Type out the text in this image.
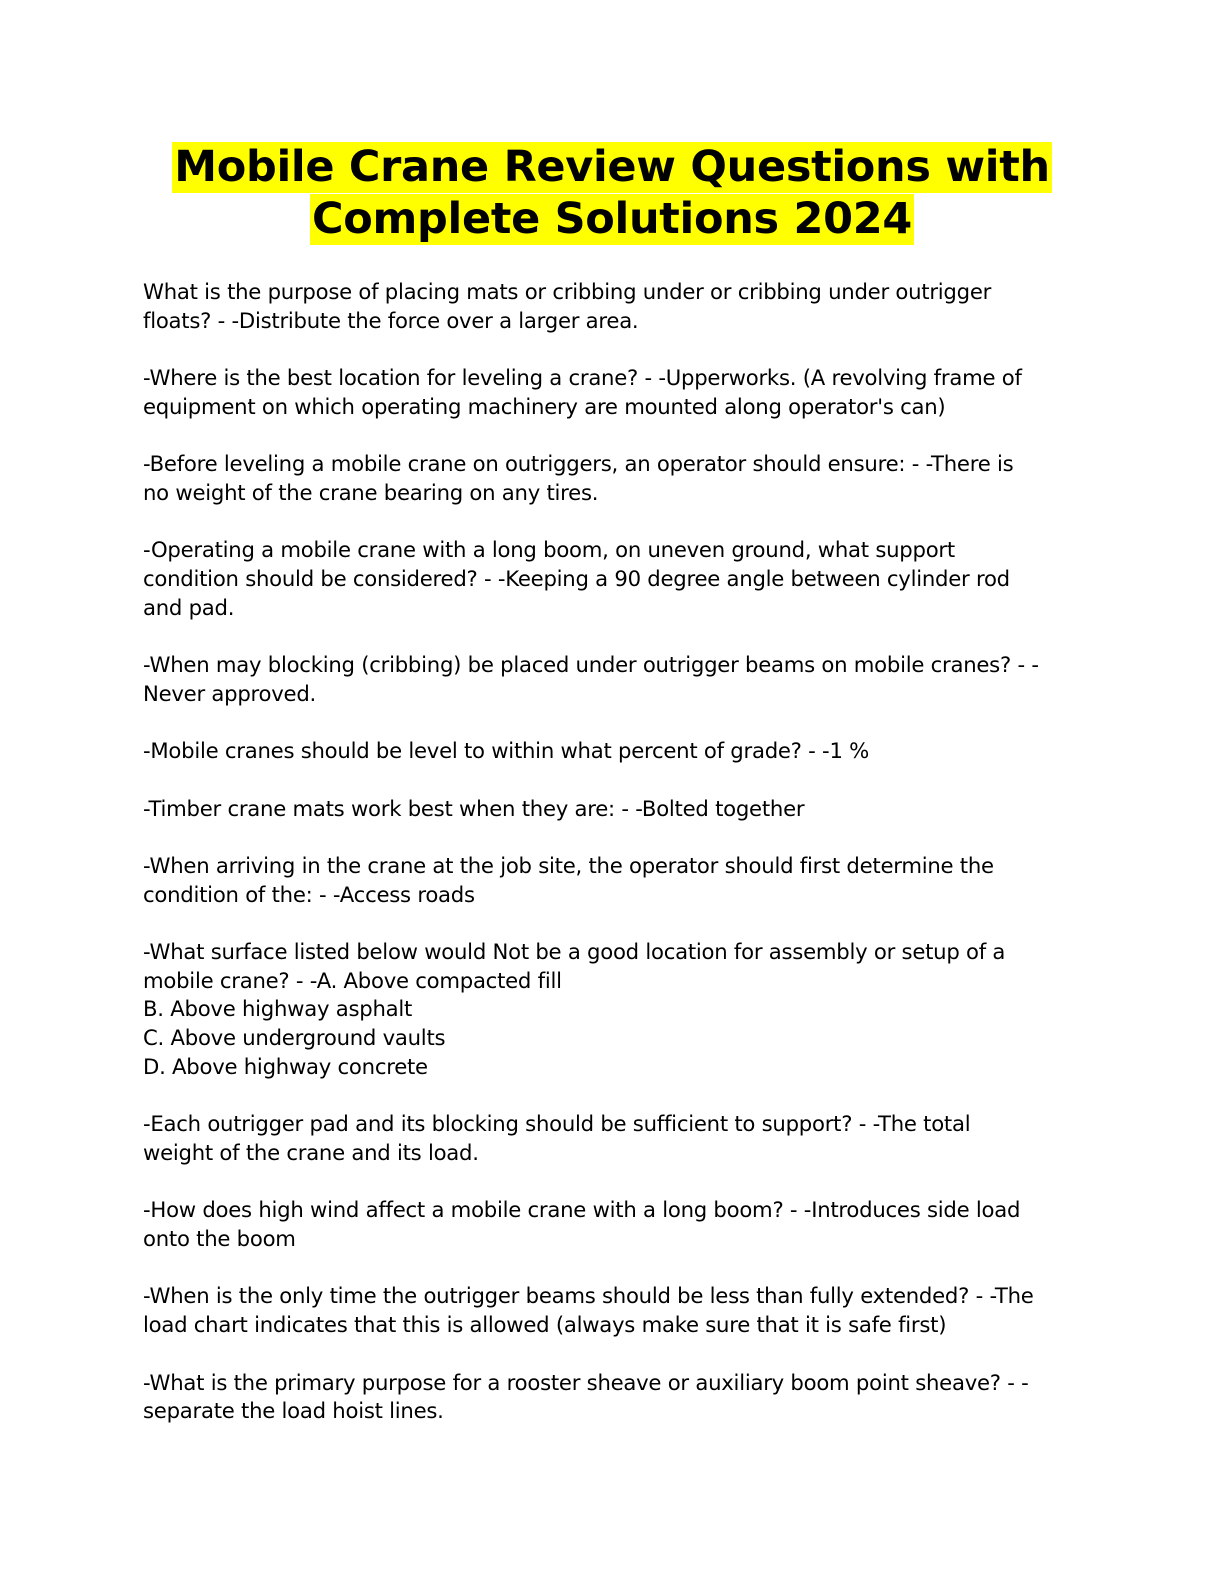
Mobile Crane Review Questions with
Complete Solutions 2024

What is the purpose of placing mats or cribbing under or cribbing under outrigger
floats? - -Distribute the force over a larger area.

-Where is the best location for leveling a crane? - -Upperworks. (A revolving frame of
equipment on which operating machinery are mounted along operator's can)

-Before leveling a mobile crane on outriggers, an operator should ensure: - -There is
no weight of the crane bearing on any tires.

-Operating a mobile crane with a long boom, on uneven ground, what support
condition should be considered? - -Keeping a 90 degree angle between cylinder rod
and pad.

-When may blocking (cribbing) be placed under outrigger beams on mobile cranes? - -
Never approved.

-Mobile cranes should be level to within what percent of grade? - -1 %

-Timber crane mats work best when they are: - -Bolted together

-When arriving in the crane at the job site, the operator should first determine the
condition of the: - -Access roads

-What surface listed below would Not be a good location for assembly or setup of a
mobile crane? - -A. Above compacted fill
B. Above highway asphalt
C. Above underground vaults
D. Above highway concrete

-Each outrigger pad and its blocking should be sufficient to support? - -The total
weight of the crane and its load.

-How does high wind affect a mobile crane with a long boom? - -Introduces side load
onto the boom

-When is the only time the outrigger beams should be less than fully extended? - -The
load chart indicates that this is allowed (always make sure that it is safe first)

-What is the primary purpose for a rooster sheave or auxiliary boom point sheave? - -
separate the load hoist lines.
